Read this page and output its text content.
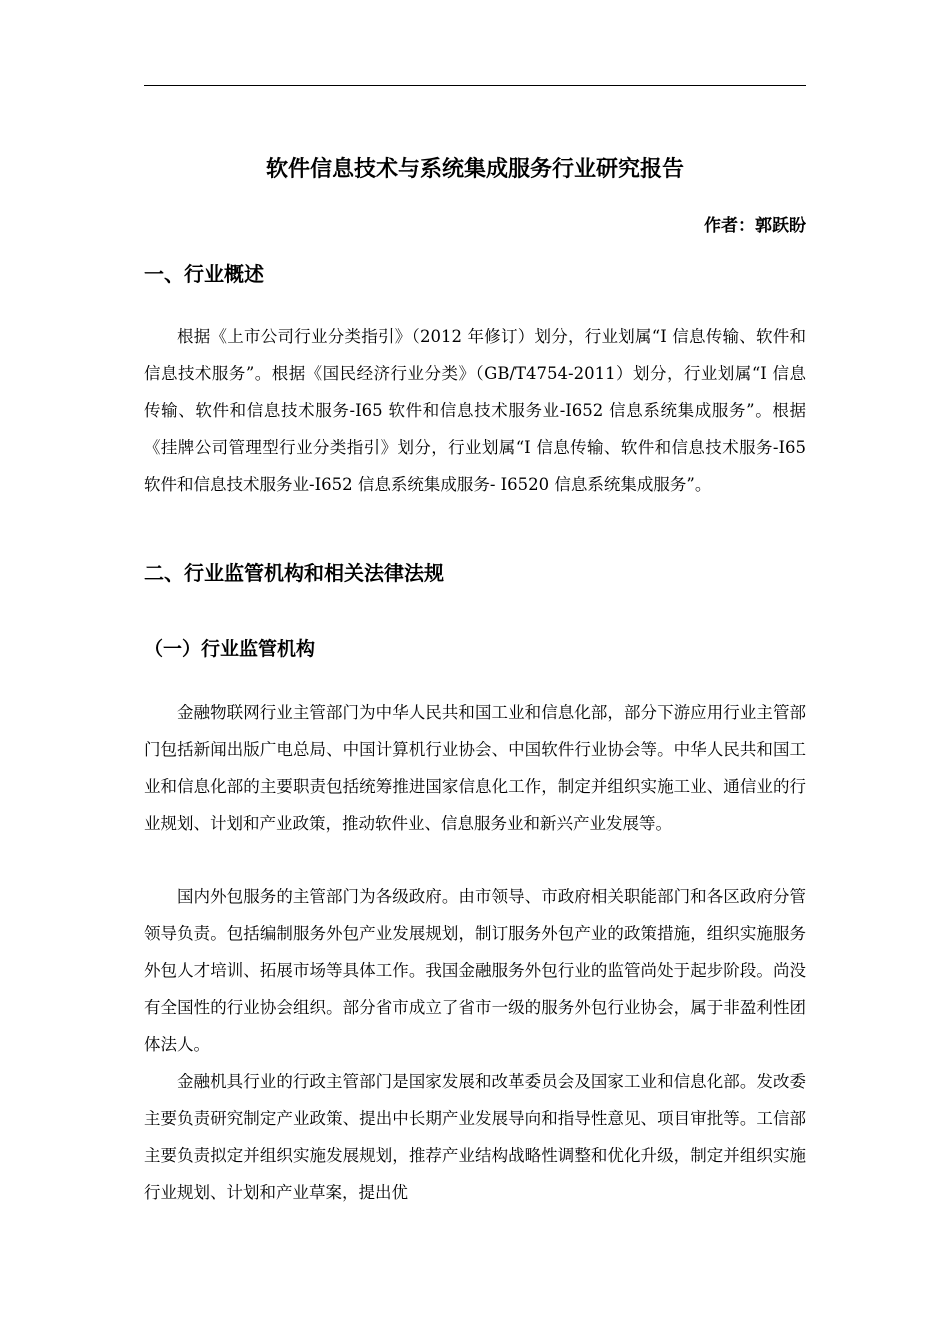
软件信息技术与系统集成服务行业研究报告
作者：郭跃盼
一、行业概述

根据《上市公司行业分类指引》（2012 年修订）划分，行业划属“I 信息传输、软件和信息技术服务”。根据《国民经济行业分类》（GB/T4754-2011）划分，行业划属“I 信息传输、软件和信息技术服务-I65 软件和信息技术服务业-I652 信息系统集成服务”。根据《挂牌公司管理型行业分类指引》划分，行业划属“I 信息传输、软件和信息技术服务-I65 软件和信息技术服务业-I652 信息系统集成服务- I6520 信息系统集成服务”。

二、行业监管机构和相关法律法规
（一）行业监管机构

金融物联网行业主管部门为中华人民共和国工业和信息化部，部分下游应用行业主管部门包括新闻出版广电总局、中国计算机行业协会、中国软件行业协会等。中华人民共和国工业和信息化部的主要职责包括统筹推进国家信息化工作，制定并组织实施工业、通信业的行业规划、计划和产业政策，推动软件业、信息服务业和新兴产业发展等。

国内外包服务的主管部门为各级政府。由市领导、市政府相关职能部门和各区政府分管领导负责。包括编制服务外包产业发展规划，制订服务外包产业的政策措施，组织实施服务外包人才培训、拓展市场等具体工作。我国金融服务外包行业的监管尚处于起步阶段。尚没有全国性的行业协会组织。部分省市成立了省市一级的服务外包行业协会，属于非盈利性团体法人。

金融机具行业的行政主管部门是国家发展和改革委员会及国家工业和信息化部。发改委主要负责研究制定产业政策、提出中长期产业发展导向和指导性意见、项目审批等。工信部主要负责拟定并组织实施发展规划，推荐产业结构战略性调整和优化升级，制定并组织实施行业规划、计划和产业草案，提出优
